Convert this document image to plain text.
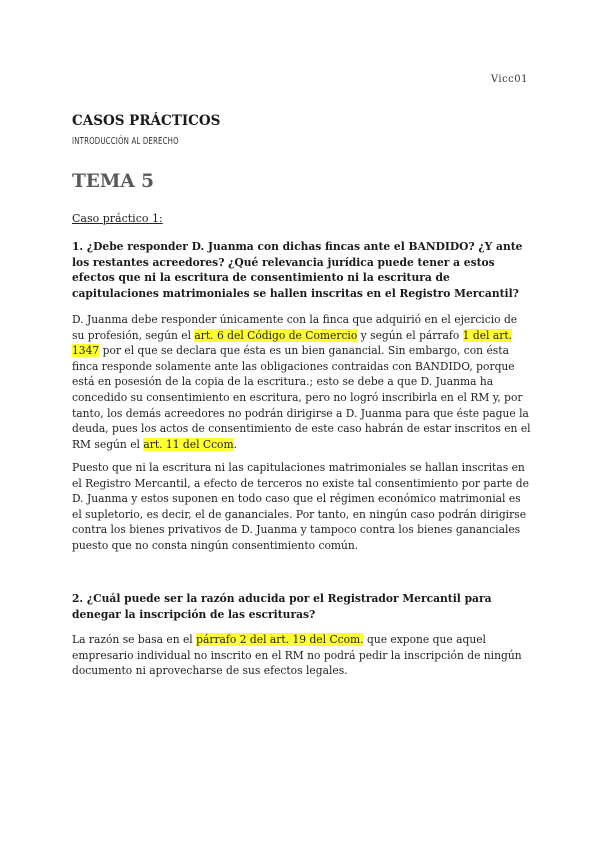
Vicc01
CASOS PRÁCTICOS
INTRODUCCIÓN AL DERECHO
TEMA 5
Caso práctico 1:
1. ¿Debe responder D. Juanma con dichas fincas ante el BANDIDO? ¿Y ante los restantes acreedores? ¿Qué relevancia jurídica puede tener a estos efectos que ni la escritura de consentimiento ni la escritura de capitulaciones matrimoniales se hallen inscritas en el Registro Mercantil?
D. Juanma debe responder únicamente con la finca que adquirió en el ejercicio de su profesión, según el art. 6 del Código de Comercio y según el párrafo 1 del art. 1347 por el que se declara que ésta es un bien ganancial. Sin embargo, con ésta finca responde solamente ante las obligaciones contraidas con BANDIDO, porque está en posesión de la copia de la escritura.; esto se debe a que D. Juanma ha concedido su consentimiento en escritura, pero no logró inscribirla en el RM y, por tanto, los demás acreedores no podrán dirigirse a D. Juanma para que éste pague la deuda, pues los actos de consentimiento de este caso habrán de estar inscritos en el RM según el art. 11 del Ccom.
Puesto que ni la escritura ni las capitulaciones matrimoniales se hallan inscritas en el Registro Mercantil, a efecto de terceros no existe tal consentimiento por parte de D. Juanma y estos suponen en todo caso que el régimen económico matrimonial es el supletorio, es decir, el de gananciales. Por tanto, en ningún caso podrán dirigirse contra los bienes privativos de D. Juanma y tampoco contra los bienes gananciales puesto que no consta ningún consentimiento común.
2. ¿Cuál puede ser la razón aducida por el Registrador Mercantil para denegar la inscripción de las escrituras?
La razón se basa en el párrafo 2 del art. 19 del Ccom. que expone que aquel empresario individual no inscrito en el RM no podrá pedir la inscripción de ningún documento ni aprovecharse de sus efectos legales.
